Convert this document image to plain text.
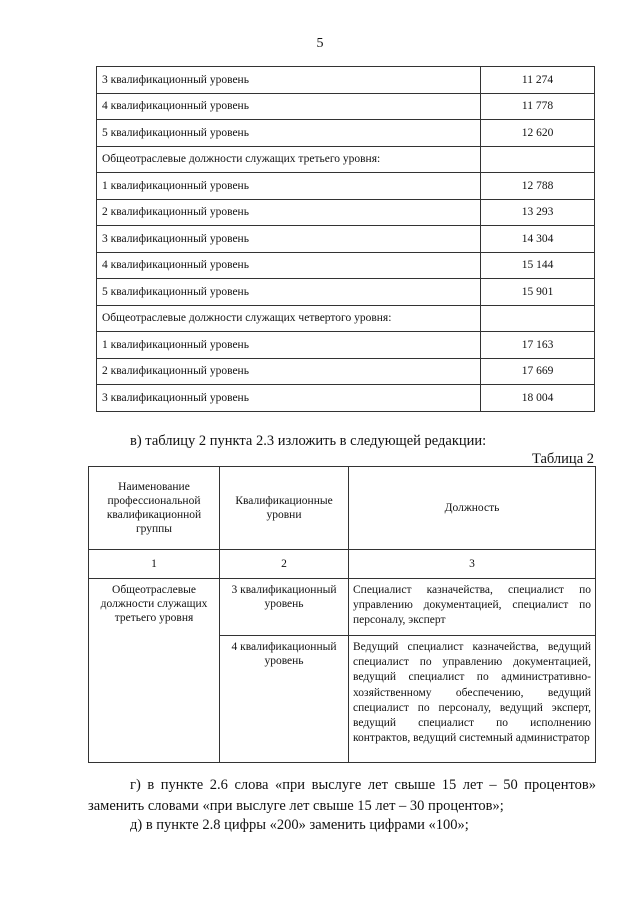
5
3 квалификационный уровень	11 274
4 квалификационный уровень	11 778
5 квалификационный уровень	12 620
Общеотраслевые должности служащих третьего уровня:	
1 квалификационный уровень	12 788
2 квалификационный уровень	13 293
3 квалификационный уровень	14 304
4 квалификационный уровень	15 144
5 квалификационный уровень	15 901
Общеотраслевые должности служащих четвертого уровня:	
1 квалификационный уровень	17 163
2 квалификационный уровень	17 669
3 квалификационный уровень	18 004
в) таблицу 2 пункта 2.3 изложить в следующей редакции:
Таблица 2
Наименование профессиональной квалификационной группы	Квалификационные уровни	Должность
1	2	3
Общеотраслевые должности служащих третьего уровня	3 квалификационный уровень	Специалист казначейства, специалист по управлению документацией, специалист по персоналу, эксперт
	4 квалификационный уровень	Ведущий специалист казначейства, ведущий специалист по управлению документацией, ведущий специалист по административно-хозяйственному обеспечению, ведущий специалист по персоналу, ведущий эксперт, ведущий специалист по исполнению контрактов, ведущий системный администратор
г) в пункте 2.6 слова «при выслуге лет свыше 15 лет – 50 процентов»
заменить словами «при выслуге лет свыше 15 лет – 30 процентов»;
д) в пункте 2.8 цифры «200» заменить цифрами «100»;
